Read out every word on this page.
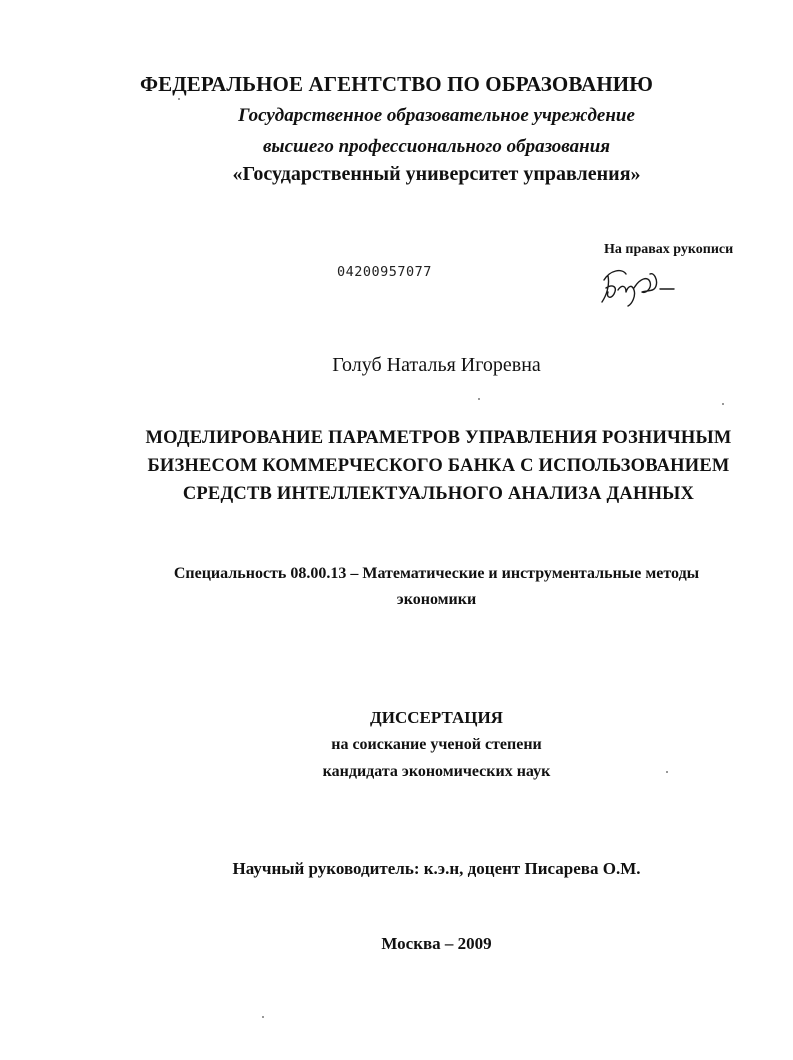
ФЕДЕРАЛЬНОЕ АГЕНТСТВО ПО ОБРАЗОВАНИЮ
Государственное образовательное учреждение
высшего профессионального образования
«Государственный университет управления»
На правах рукописи
04200957077
Голуб Наталья Игоревна
МОДЕЛИРОВАНИЕ ПАРАМЕТРОВ УПРАВЛЕНИЯ РОЗНИЧНЫМ
БИЗНЕСОМ КОММЕРЧЕСКОГО БАНКА С ИСПОЛЬЗОВАНИЕМ
СРЕДСТВ ИНТЕЛЛЕКТУАЛЬНОГО АНАЛИЗА ДАННЫХ
Специальность 08.00.13 – Математические и инструментальные методы
экономики
ДИССЕРТАЦИЯ
на соискание ученой степени
кандидата экономических наук
Научный руководитель: к.э.н, доцент Писарева О.М.
Москва – 2009
